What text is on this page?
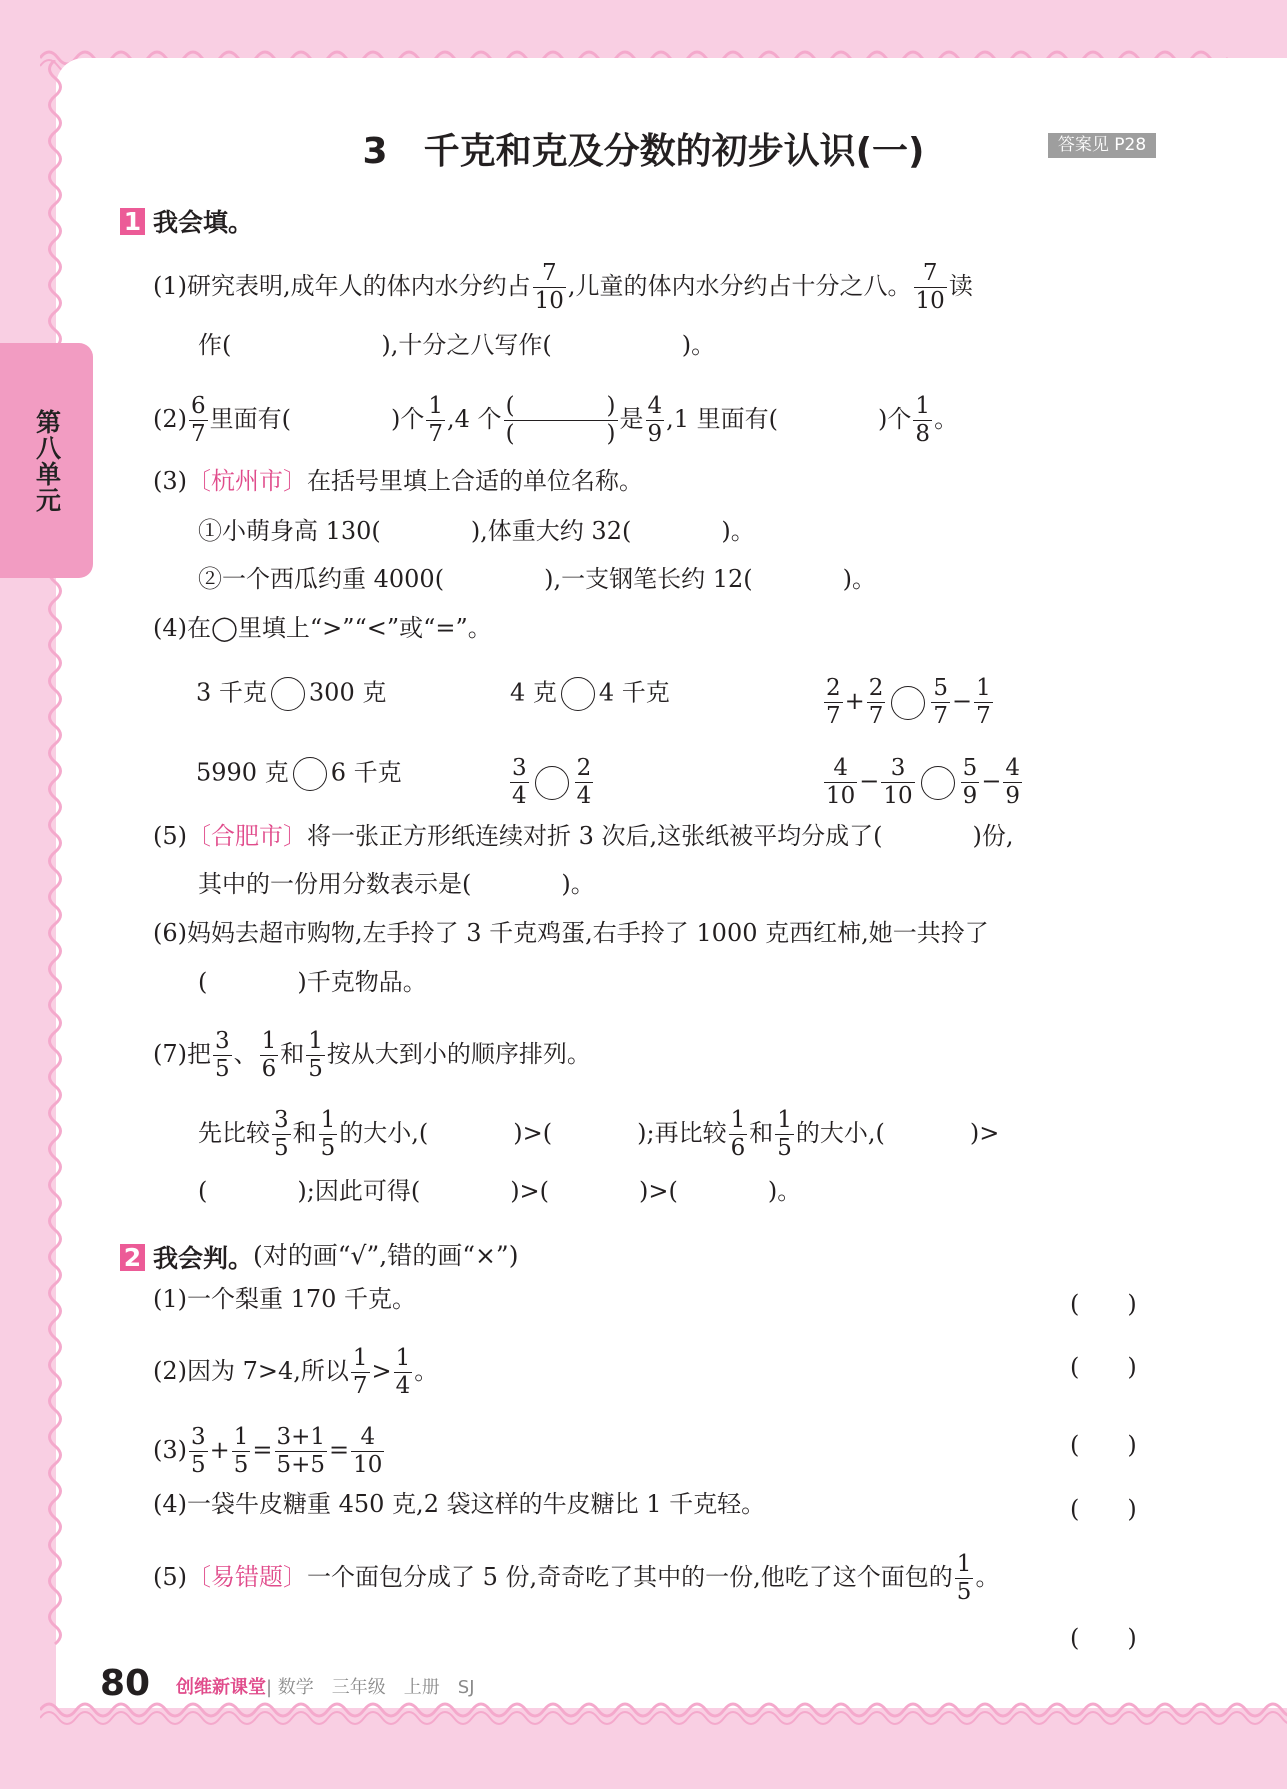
第八单元
3　千克和克及分数的初步认识(一)	答案见 P28
1 我会填。
(1)研究表明,成年人的体内水分约占 $\frac{7}{10}$ ,儿童的体内水分约占十分之八。 $\frac{7}{10}$ 读
作(	),十分之八写作(	)。
$(2) \frac{6}{7}$ 里面有(	)个 $\frac{1}{7} ,4$ 个 $\frac{( )}{( )}$ 是 $\frac{4}{9} ,1$ 里面有(	)个 $\frac{1}{8}$ 。
(3)〔杭州市〕在括号里填上合适的单位名称。
①小萌身高 130(	),体重大约 32(	)。
②一个西瓜约重 4000(	),一支钢笔长约 12(	)。
(4)在◯里填上“>”“<”或“=”。
3 千克 300 克	4 克 4 千克	$\frac{2}{7} + \frac{2}{7} \frac{5}{7} - \frac{1}{7}$
5990 克 6 千克	$\frac{3}{4} \frac{2}{4}$	$\frac{4}{10} - \frac{3}{10} \frac{5}{9} - \frac{4}{9}$
(5)〔合肥市〕将一张正方形纸连续对折 3 次后,这张纸被平均分成了(	)份,
其中的一份用分数表示是(	)。
(6)妈妈去超市购物,左手拎了 3 千克鸡蛋,右手拎了 1000 克西红柿,她一共拎了
(	)千克物品。
(7)把 $\frac{3}{5}$ 、 $\frac{1}{6}$ 和 $\frac{1}{5}$ 按从大到小的顺序排列。
先比较 $\frac{3}{5}$ 和 $\frac{1}{5}$ 的大小,(	)>(	);再比较 $\frac{1}{6}$ 和 $\frac{1}{5}$ 的大小,(	)>
(	);因此可得(	)>(	)>(	)。
2 我会判。(对的画“√”,错的画“×”)
(1)一个梨重 170 千克。	(　　)
(2)因为 7>4,所以 $\frac{1}{7} > \frac{1}{4}$ 。	(　　)
$(3) \frac{3}{5} + \frac{1}{5} = \frac{3+1}{5+5} = \frac{4}{10}$	(　　)
(4)一袋牛皮糖重 450 克,2 袋这样的牛皮糖比 1 千克轻。	(　　)
(5)〔易错题〕一个面包分成了 5 份,奇奇吃了其中的一份,他吃了这个面包的 $\frac{1}{5}$ 。
(　　)
80 创维新课堂| 数学　三年级　上册　SJ
